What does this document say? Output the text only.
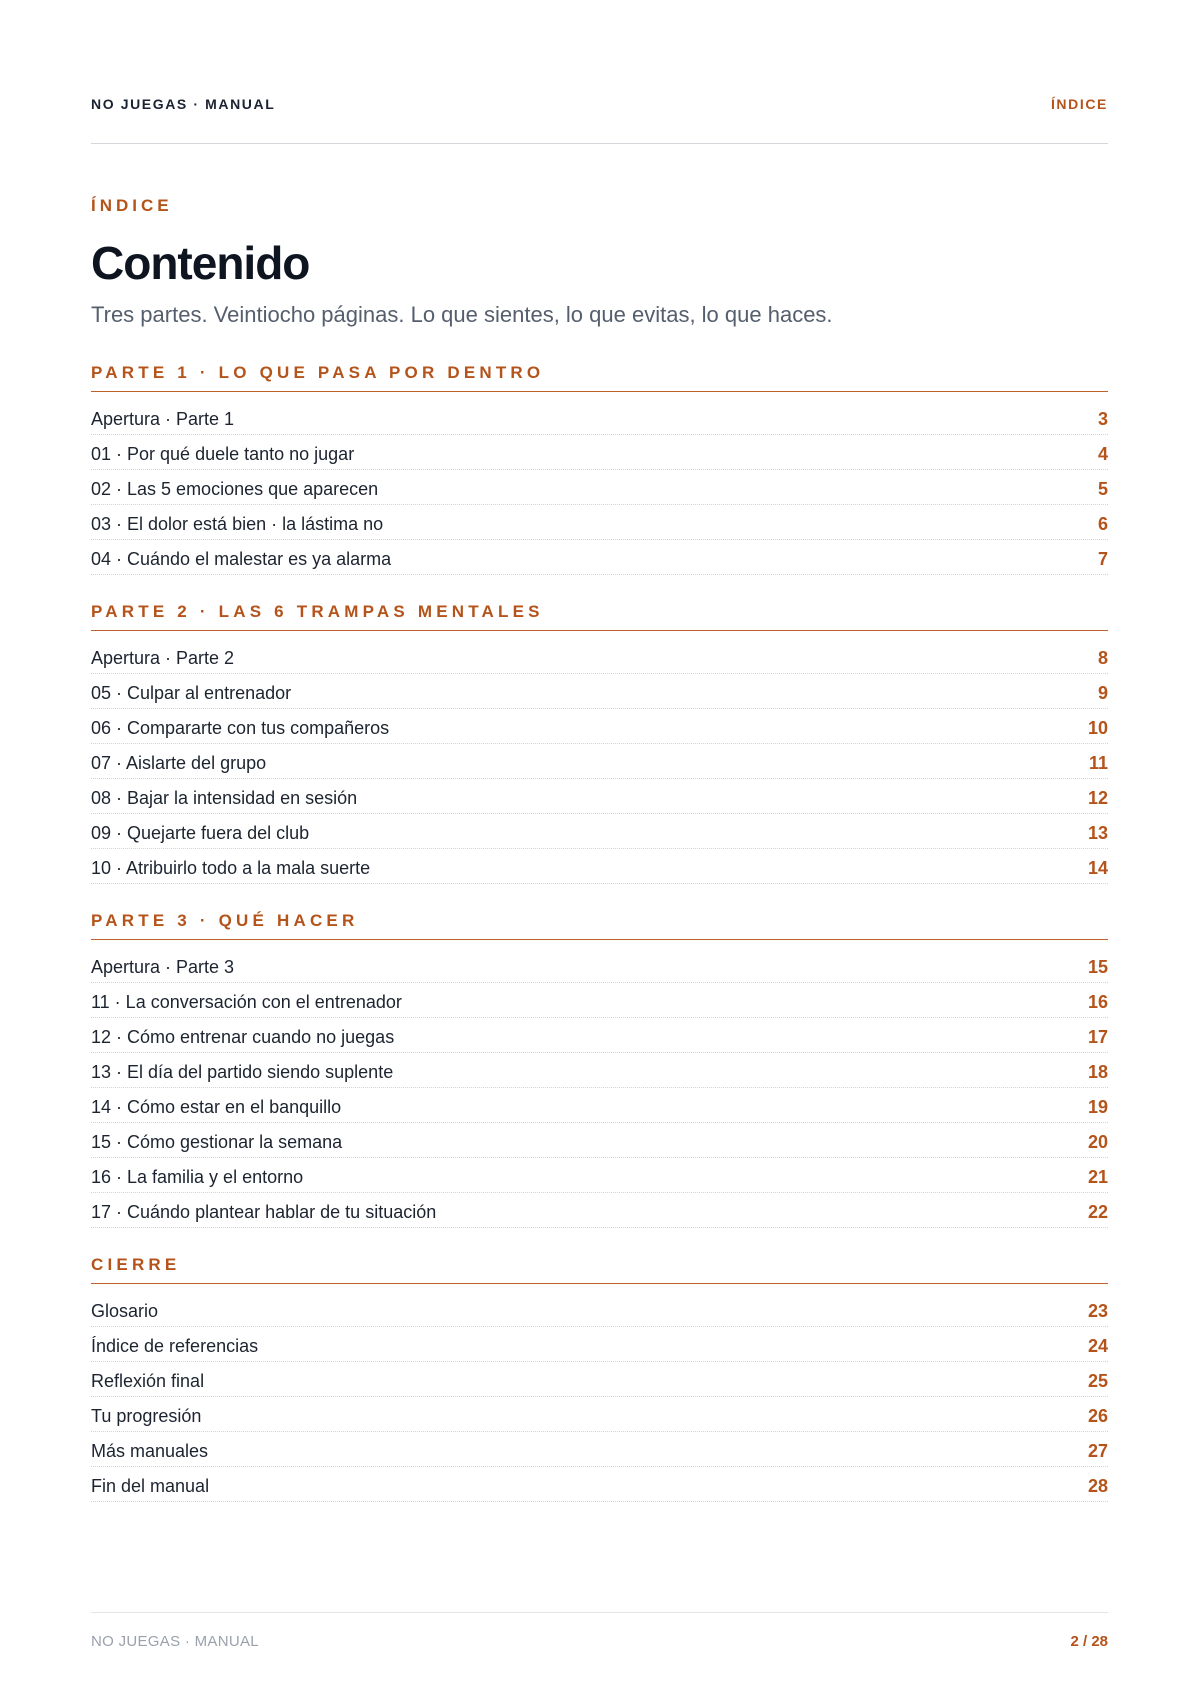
NO JUEGAS · MANUAL	ÍNDICE
ÍNDICE
Contenido

Tres partes. Veintiocho páginas. Lo que sientes, lo que evitas, lo que haces.

PARTE 1 · LO QUE PASA POR DENTRO
Apertura · Parte 1	3
01 · Por qué duele tanto no jugar	4
02 · Las 5 emociones que aparecen	5
03 · El dolor está bien · la lástima no	6
04 · Cuándo el malestar es ya alarma	7
PARTE 2 · LAS 6 TRAMPAS MENTALES
Apertura · Parte 2	8
05 · Culpar al entrenador	9
06 · Compararte con tus compañeros	10
07 · Aislarte del grupo	11
08 · Bajar la intensidad en sesión	12
09 · Quejarte fuera del club	13
10 · Atribuirlo todo a la mala suerte	14
PARTE 3 · QUÉ HACER
Apertura · Parte 3	15
11 · La conversación con el entrenador	16
12 · Cómo entrenar cuando no juegas	17
13 · El día del partido siendo suplente	18
14 · Cómo estar en el banquillo	19
15 · Cómo gestionar la semana	20
16 · La familia y el entorno	21
17 · Cuándo plantear hablar de tu situación	22
CIERRE
Glosario	23
Índice de referencias	24
Reflexión final	25
Tu progresión	26
Más manuales	27
Fin del manual	28
NO JUEGAS · MANUAL	2 / 28
